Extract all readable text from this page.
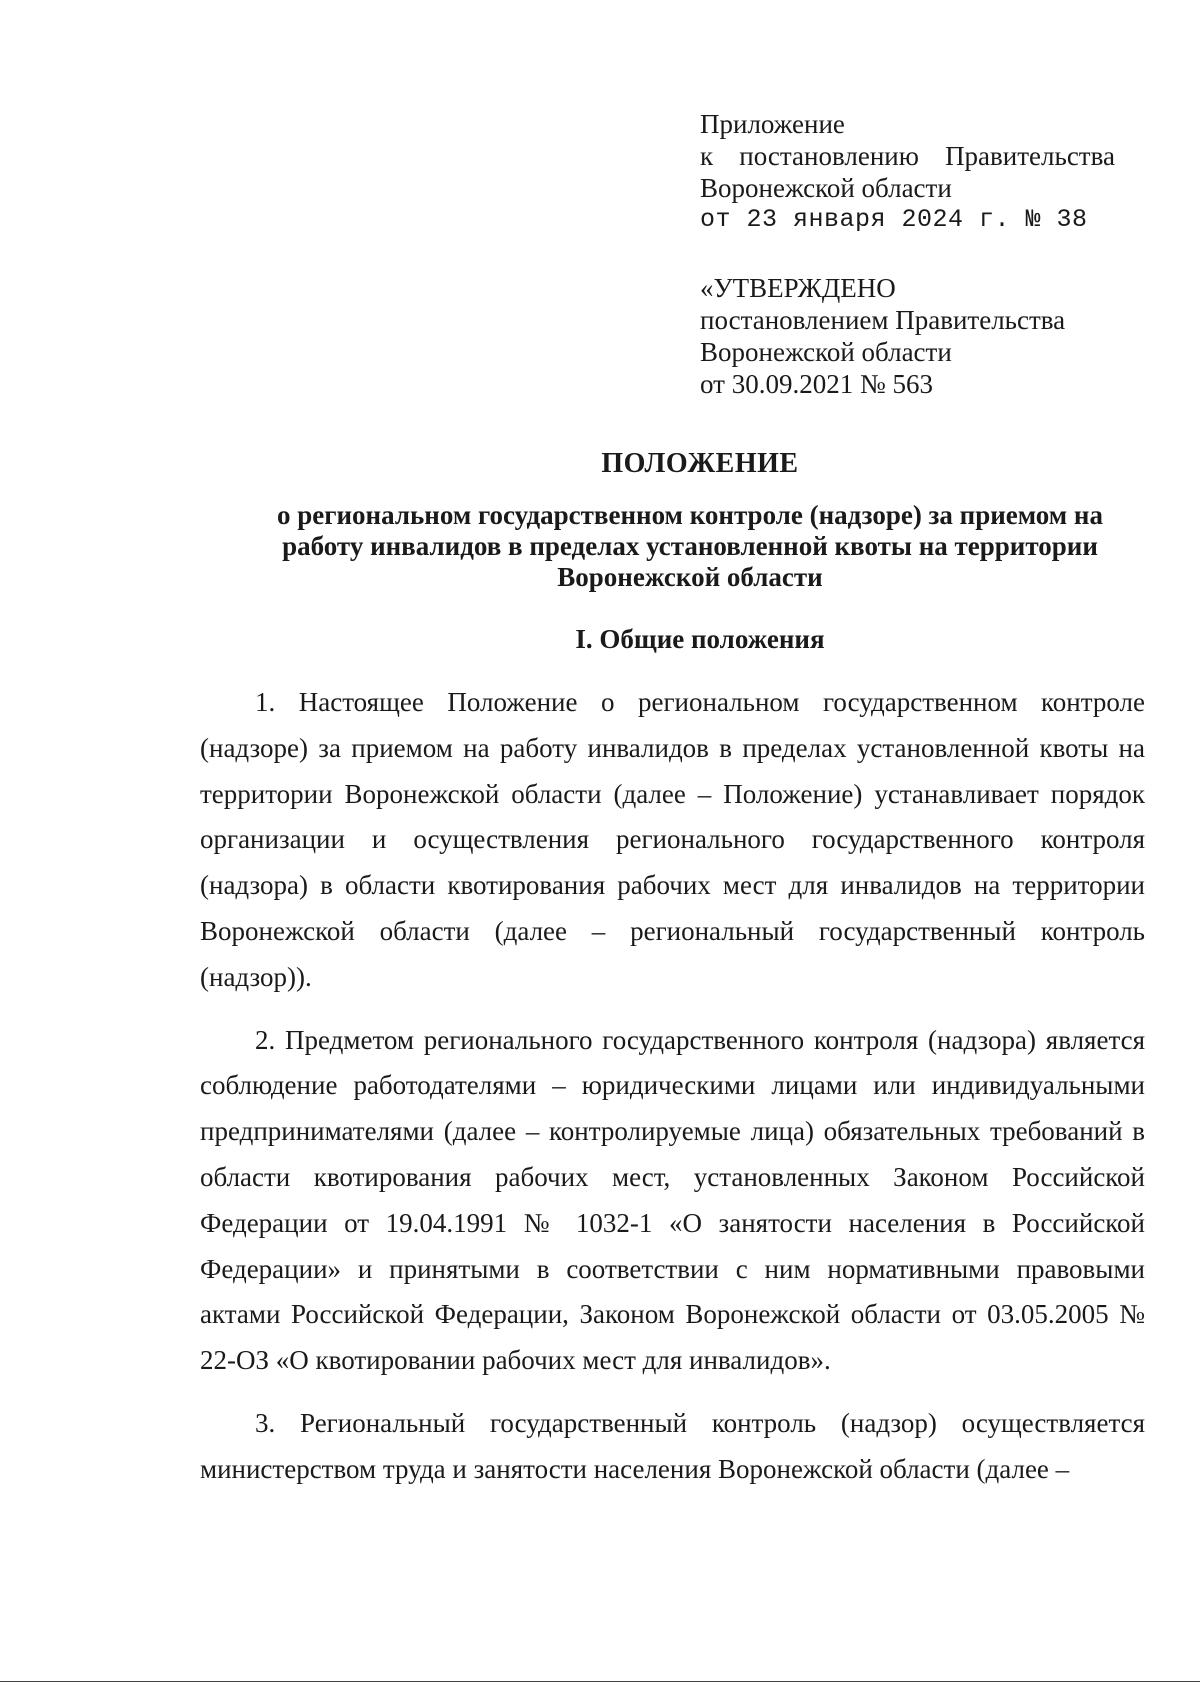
Приложение
к постановлению Правительства
Воронежской области
от 23 января 2024 г. № 38
«УТВЕРЖДЕНО
постановлением Правительства
Воронежской области
от 30.09.2021 № 563
ПОЛОЖЕНИЕ
о региональном государственном контроле (надзоре) за приемом на
работу инвалидов в пределах установленной квоты на территории
Воронежской области
I. Общие положения

1. Настоящее Положение о региональном государственном контроле (надзоре) за приемом на работу инвалидов в пределах установленной квоты на территории Воронежской области (далее – Положение) устанавливает порядок организации и осуществления регионального государственного контроля (надзора) в области квотирования рабочих мест для инвалидов на территории Воронежской области (далее – региональный государственный контроль (надзор)).

2. Предметом регионального государственного контроля (надзора) является соблюдение работодателями – юридическими лицами или индивидуальными предпринимателями (далее – контролируемые лица) обязательных требований в области квотирования рабочих мест, установленных Законом Российской Федерации от 19.04.1991 № 1032-1 «О занятости населения в Российской Федерации» и принятыми в соответствии с ним нормативными правовыми актами Российской Федерации, Законом Воронежской области от 03.05.2005 № 22-ОЗ «О квотировании рабочих мест для инвалидов».

3. Региональный государственный контроль (надзор) осуществляется министерством труда и занятости населения Воронежской области (далее –
